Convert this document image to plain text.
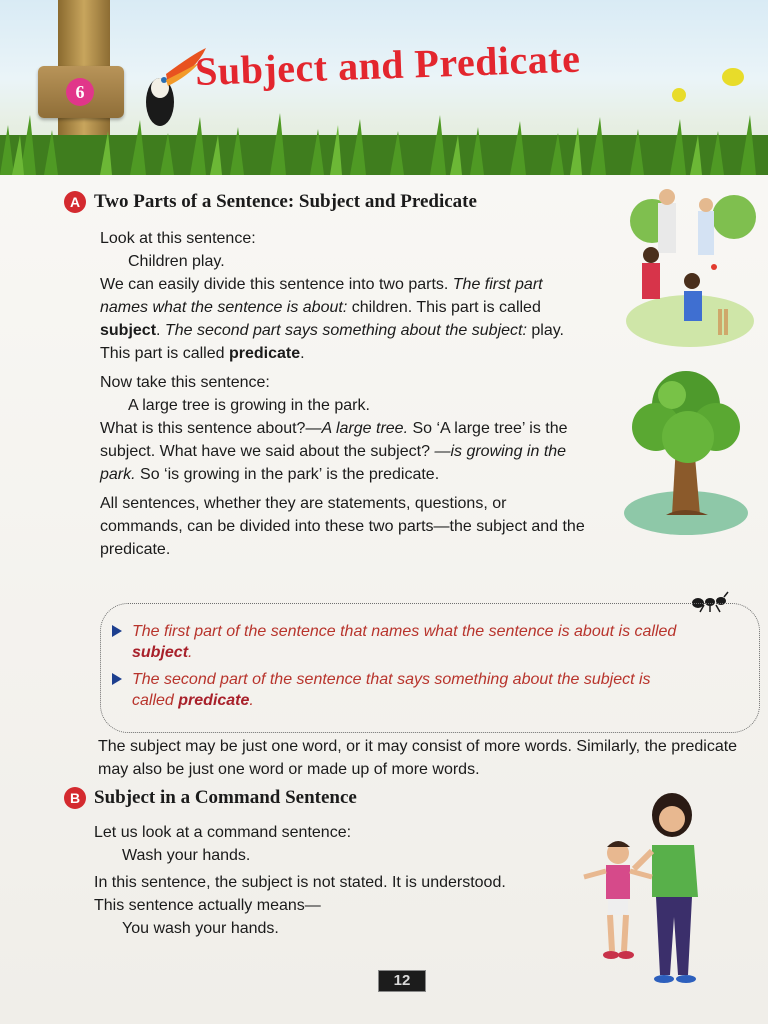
6	Subject and Predicate
A Two Parts of a Sentence: Subject and Predicate
Look at this sentence:
Children play.
We can easily divide this sentence into two parts. The first part names what the sentence is about: children. This part is called subject. The second part says something about the subject: play. This part is called predicate.
Now take this sentence:
A large tree is growing in the park.
What is this sentence about?—A large tree. So ‘A large tree’ is the subject. What have we said about the subject? —is growing in the park. So ‘is growing in the park’ is the predicate.
All sentences, whether they are statements, questions, or commands, can be divided into these two parts—the subject and the predicate.
The first part of the sentence that names what the sentence is about is called subject.
The second part of the sentence that says something about the subject is called predicate.
The subject may be just one word, or it may consist of more words. Similarly, the predicate may also be just one word or made up of more words.
B Subject in a Command Sentence
Let us look at a command sentence:
Wash your hands.
In this sentence, the subject is not stated. It is understood. This sentence actually means—
You wash your hands.
12
